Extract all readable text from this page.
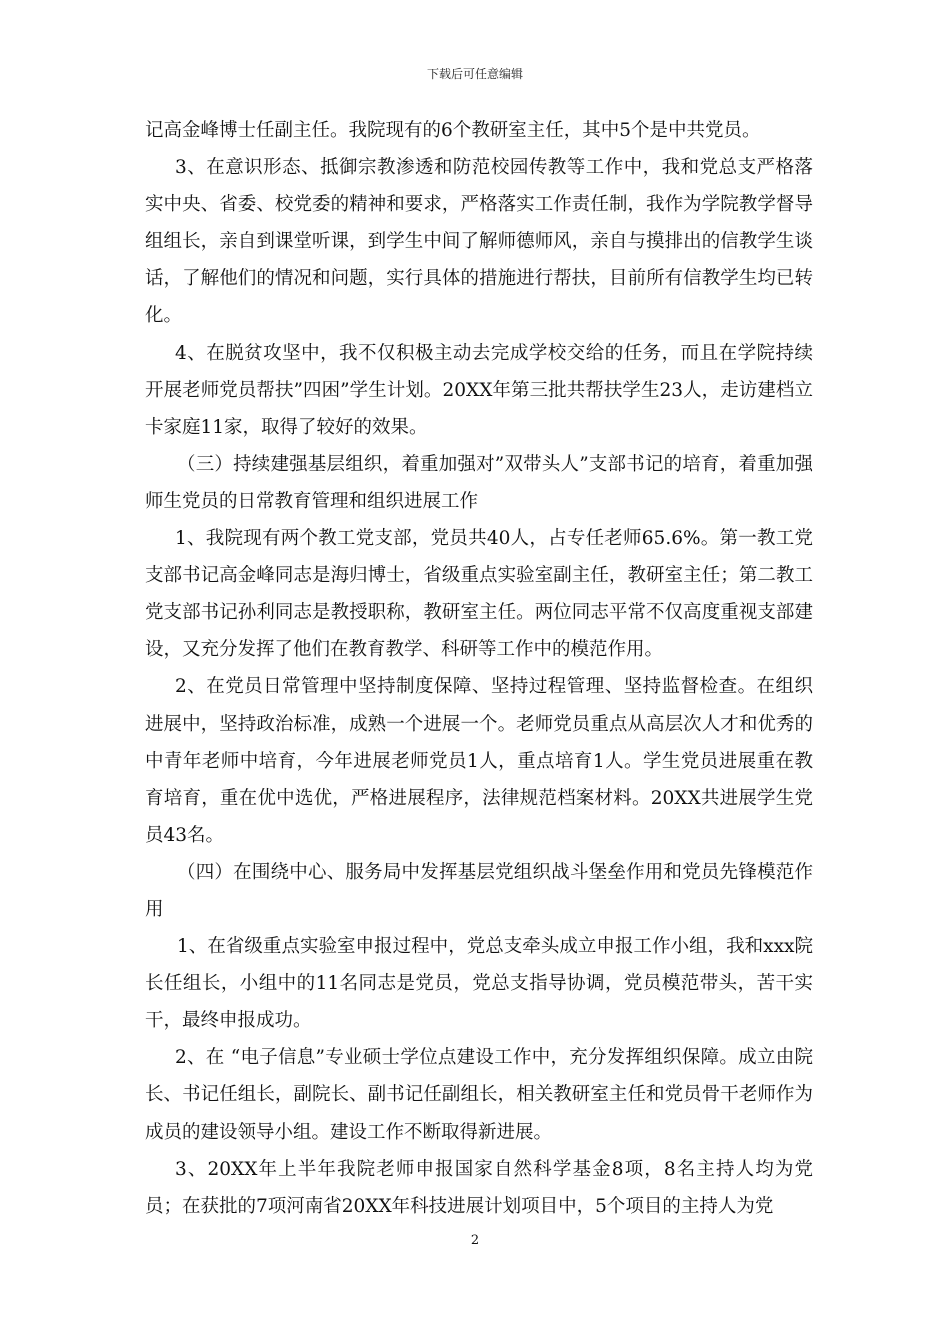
下载后可任意编辑

记高金峰博士任副主任。我院现有的6个教研室主任，其中5个是中共党员。

3、在意识形态、抵御宗教渗透和防范校园传教等工作中，我和党总支严格落实中央、省委、校党委的精神和要求，严格落实工作责任制，我作为学院教学督导组组长，亲自到课堂听课，到学生中间了解师德师风，亲自与摸排出的信教学生谈话，了解他们的情况和问题，实行具体的措施进行帮扶，目前所有信教学生均已转化。

4、在脱贫攻坚中，我不仅积极主动去完成学校交给的任务，而且在学院持续开展老师党员帮扶”四困”学生计划。20XX年第三批共帮扶学生23人，走访建档立卡家庭11家，取得了较好的效果。

（三）持续建强基层组织，着重加强对”双带头人”支部书记的培育，着重加强师生党员的日常教育管理和组织进展工作

1、我院现有两个教工党支部，党员共40人，占专任老师65.6%。第一教工党支部书记高金峰同志是海归博士，省级重点实验室副主任，教研室主任；第二教工党支部书记孙利同志是教授职称，教研室主任。两位同志平常不仅高度重视支部建设，又充分发挥了他们在教育教学、科研等工作中的模范作用。

2、在党员日常管理中坚持制度保障、坚持过程管理、坚持监督检查。在组织进展中，坚持政治标准，成熟一个进展一个。老师党员重点从高层次人才和优秀的中青年老师中培育，今年进展老师党员1人，重点培育1人。学生党员进展重在教育培育，重在优中选优，严格进展程序，法律规范档案材料。20XX共进展学生党员43名。

（四）在围绕中心、服务局中发挥基层党组织战斗堡垒作用和党员先锋模范作用

1、在省级重点实验室申报过程中，党总支牵头成立申报工作小组，我和xxx院长任组长，小组中的11名同志是党员，党总支指导协调，党员模范带头，苦干实干，最终申报成功。

2、在 “电子信息”专业硕士学位点建设工作中，充分发挥组织保障。成立由院长、书记任组长，副院长、副书记任副组长，相关教研室主任和党员骨干老师作为成员的建设领导小组。建设工作不断取得新进展。

3、20XX年上半年我院老师申报国家自然科学基金8项，8名主持人均为党员；在获批的7项河南省20XX年科技进展计划项目中，5个项目的主持人为党

2
